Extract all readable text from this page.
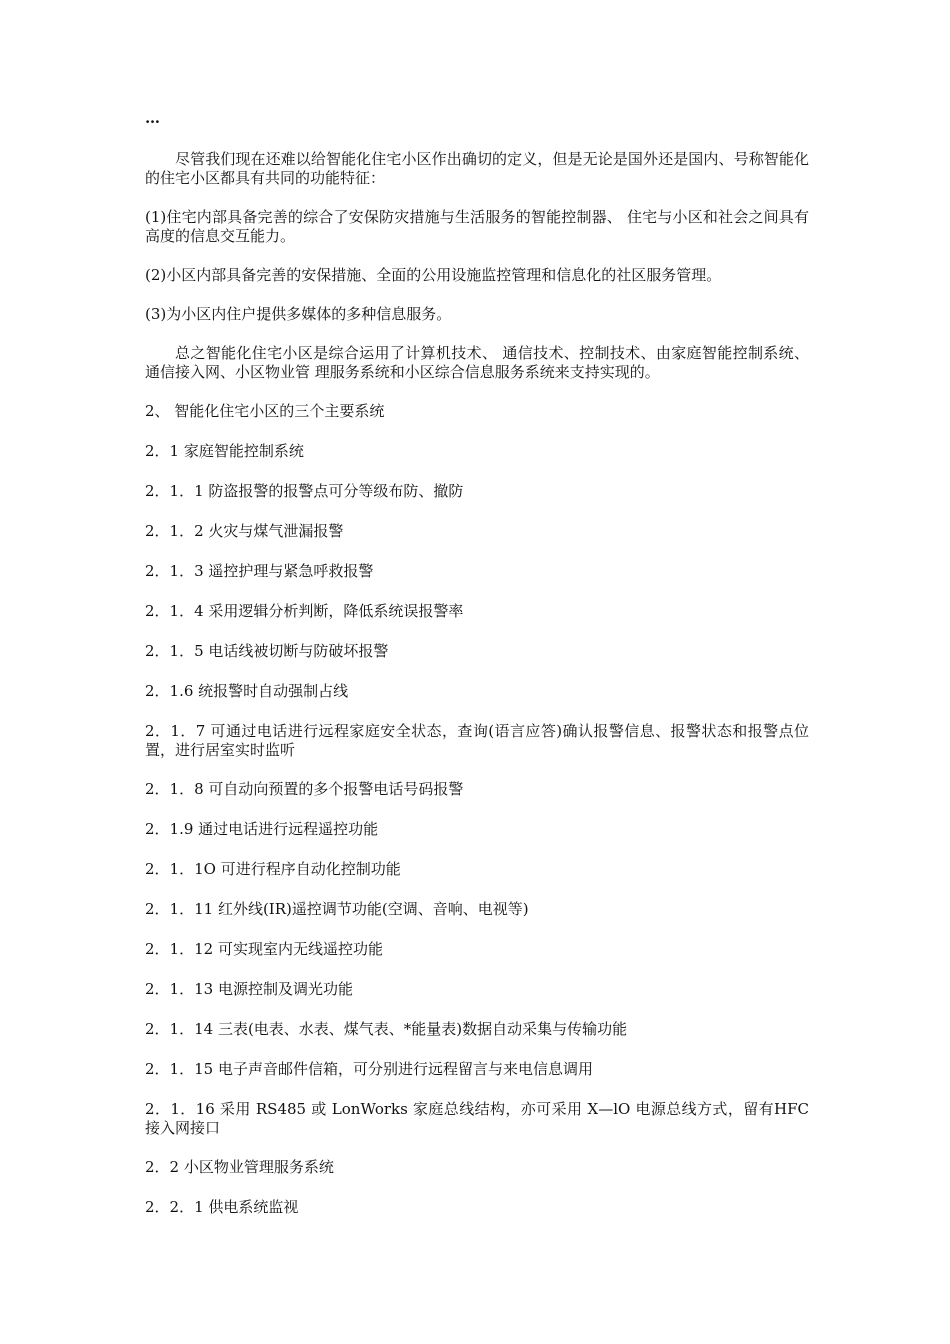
…

尽管我们现在还难以给智能化住宅小区作出确切的定义，但是无论是国外还是国内、号称智能化的住宅小区都具有共同的功能特征：

(1)住宅内部具备完善的综合了安保防灾措施与生活服务的智能控制器、 住宅与小区和社会之间具有高度的信息交互能力。

(2)小区内部具备完善的安保措施、全面的公用设施监控管理和信息化的社区服务管理。

(3)为小区内住户提供多媒体的多种信息服务。

总之智能化住宅小区是综合运用了计算机技术、 通信技术、控制技术、由家庭智能控制系统、通信接入网、小区物业管 理服务系统和小区综合信息服务系统来支持实现的。

2、 智能化住宅小区的三个主要系统

2．1 家庭智能控制系统

2．1．1 防盗报警的报警点可分等级布防、撤防

2．1．2 火灾与煤气泄漏报警

2．1．3 遥控护理与紧急呼救报警

2．1．4 采用逻辑分析判断，降低系统误报警率

2．1．5 电话线被切断与防破坏报警

2．1.6 统报警时自动强制占线

2．1．7 可通过电话进行远程家庭安全状态，查询(语言应答)确认报警信息、报警状态和报警点位置，进行居室实时监听

2．1．8 可自动向预置的多个报警电话号码报警

2．1.9 通过电话进行远程遥控功能

2．1．1O 可进行程序自动化控制功能

2．1．11 红外线(IR)遥控调节功能(空调、音响、电视等)

2．1．12 可实现室内无线遥控功能

2．1．13 电源控制及调光功能

2．1．14 三表(电表、水表、煤气表、*能量表)数据自动采集与传输功能

2．1．15 电子声音邮件信箱，可分别进行远程留言与来电信息调用

2．1．16 采用 RS485 或 LonWorks 家庭总线结构，亦可采用 X—lO 电源总线方式，留有HFC 接入网接口

2．2 小区物业管理服务系统

2．2．1 供电系统监视
